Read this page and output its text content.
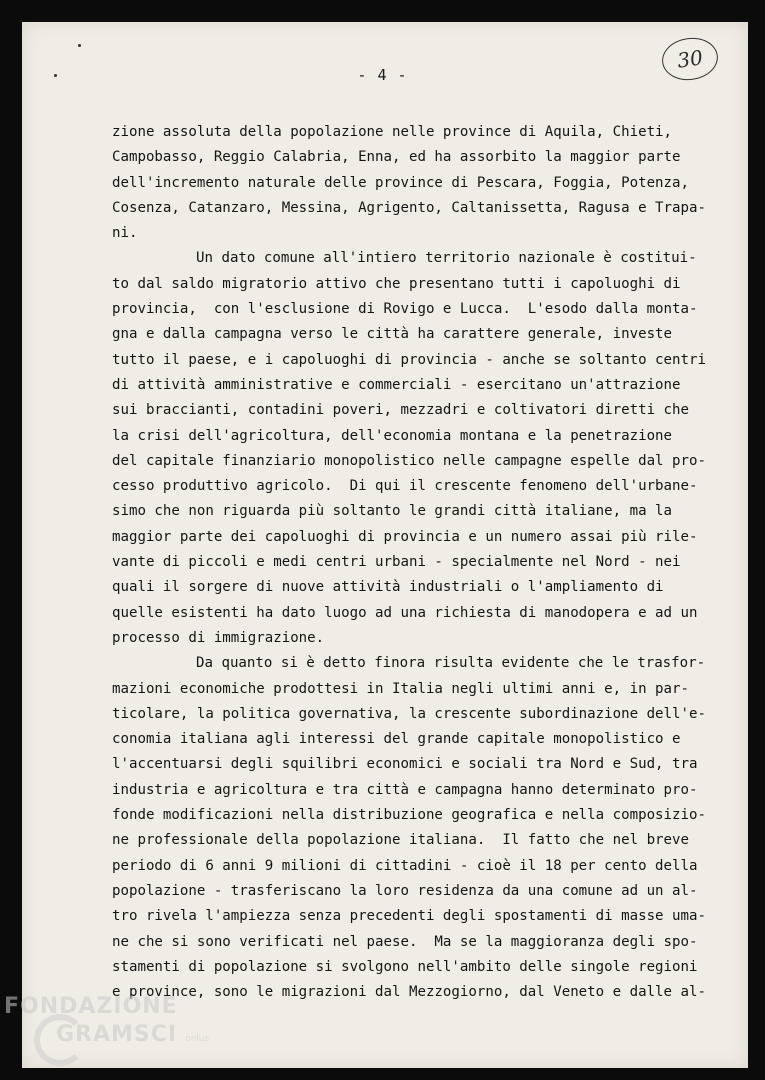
- 4 -
30
zione assoluta della popolazione nelle province di Aquila, Chieti,
Campobasso, Reggio Calabria, Enna, ed ha assorbito la maggior parte
dell'incremento naturale delle province di Pescara, Foggia, Potenza,
Cosenza, Catanzaro, Messina, Agrigento, Caltanissetta, Ragusa e Trapa-
ni.
Un dato comune all'intiero territorio nazionale è costitui-
to dal saldo migratorio attivo che presentano tutti i capoluoghi di
provincia,  con l'esclusione di Rovigo e Lucca.  L'esodo dalla monta-
gna e dalla campagna verso le città ha carattere generale, investe
tutto il paese, e i capoluoghi di provincia - anche se soltanto centri
di attività amministrative e commerciali - esercitano un'attrazione
sui braccianti, contadini poveri, mezzadri e coltivatori diretti che
la crisi dell'agricoltura, dell'economia montana e la penetrazione
del capitale finanziario monopolistico nelle campagne espelle dal pro-
cesso produttivo agricolo.  Di qui il crescente fenomeno dell'urbane-
simo che non riguarda più soltanto le grandi città italiane, ma la
maggior parte dei capoluoghi di provincia e un numero assai più rile-
vante di piccoli e medi centri urbani - specialmente nel Nord - nei
quali il sorgere di nuove attività industriali o l'ampliamento di
quelle esistenti ha dato luogo ad una richiesta di manodopera e ad un
processo di immigrazione.
Da quanto si è detto finora risulta evidente che le trasfor-
mazioni economiche prodottesi in Italia negli ultimi anni e, in par-
ticolare, la politica governativa, la crescente subordinazione dell'e-
conomia italiana agli interessi del grande capitale monopolistico e
l'accentuarsi degli squilibri economici e sociali tra Nord e Sud, tra
industria e agricoltura e tra città e campagna hanno determinato pro-
fonde modificazioni nella distribuzione geografica e nella composizio-
ne professionale della popolazione italiana.  Il fatto che nel breve
periodo di 6 anni 9 milioni di cittadini - cioè il 18 per cento della
popolazione - trasferiscano la loro residenza da una comune ad un al-
tro rivela l'ampiezza senza precedenti degli spostamenti di masse uma-
ne che si sono verificati nel paese.  Ma se la maggioranza degli spo-
stamenti di popolazione si svolgono nell'ambito delle singole regioni
e province, sono le migrazioni dal Mezzogiorno, dal Veneto e dalle al-
FONDAZIONE
GRAMSCI onlus
